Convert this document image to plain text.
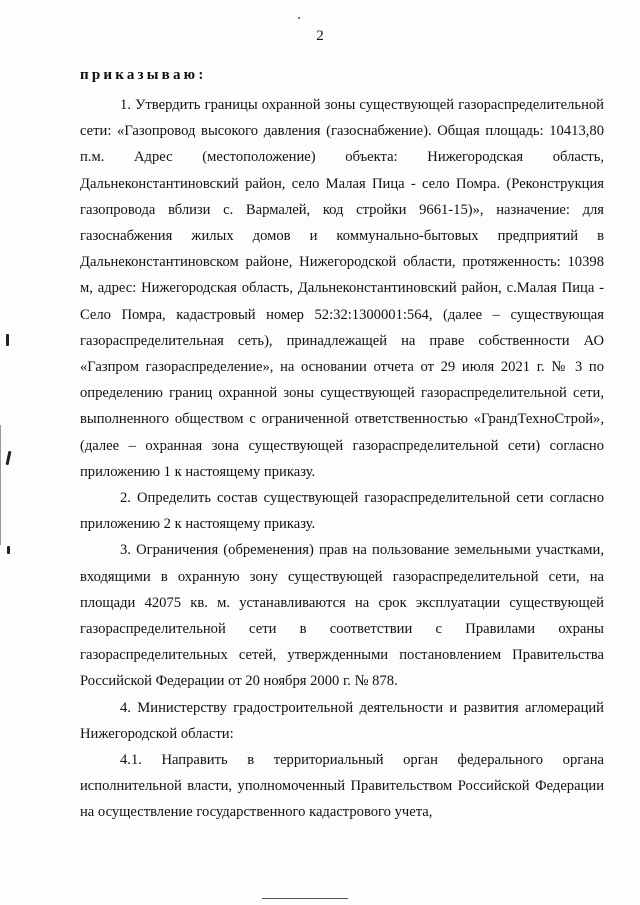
2
приказываю:

1. Утвердить границы охранной зоны существующей газораспределительной сети: «Газопровод высокого давления (газоснабжение). Общая площадь: 10413,80 п.м. Адрес (местоположение) объекта: Нижегородская область, Дальнеконстантиновский район, село Малая Пица - село Помра. (Реконструкция газопровода вблизи с. Вармалей, код стройки 9661-15)», назначение: для газоснабжения жилых домов и коммунально-бытовых предприятий в Дальнеконстантиновском районе, Нижегородской области, протяженность: 10398 м, адрес: Нижегородская область, Дальнеконстантиновский район, с.Малая Пица - Село Помра, кадастровый номер 52:32:1300001:564, (далее – существующая газораспределительная сеть), принадлежащей на праве собственности АО «Газпром газораспределение», на основании отчета от 29 июля 2021 г. № 3 по определению границ охранной зоны существующей газораспределительной сети, выполненного обществом с ограниченной ответственностью «ГрандТехноСтрой», (далее – охранная зона существующей газораспределительной сети) согласно приложению 1 к настоящему приказу.

2. Определить состав существующей газораспределительной сети согласно приложению 2 к настоящему приказу.

3. Ограничения (обременения) прав на пользование земельными участками, входящими в охранную зону существующей газораспределительной сети, на площади 42075 кв. м. устанавливаются на срок эксплуатации существующей газораспределительной сети в соответствии с Правилами охраны газораспределительных сетей, утвержденными постановлением Правительства Российской Федерации от 20 ноября 2000 г. № 878.

4. Министерству градостроительной деятельности и развития агломераций Нижегородской области:

4.1. Направить в территориальный орган федерального органа исполнительной власти, уполномоченный Правительством Российской Федерации на осуществление государственного кадастрового учета,
